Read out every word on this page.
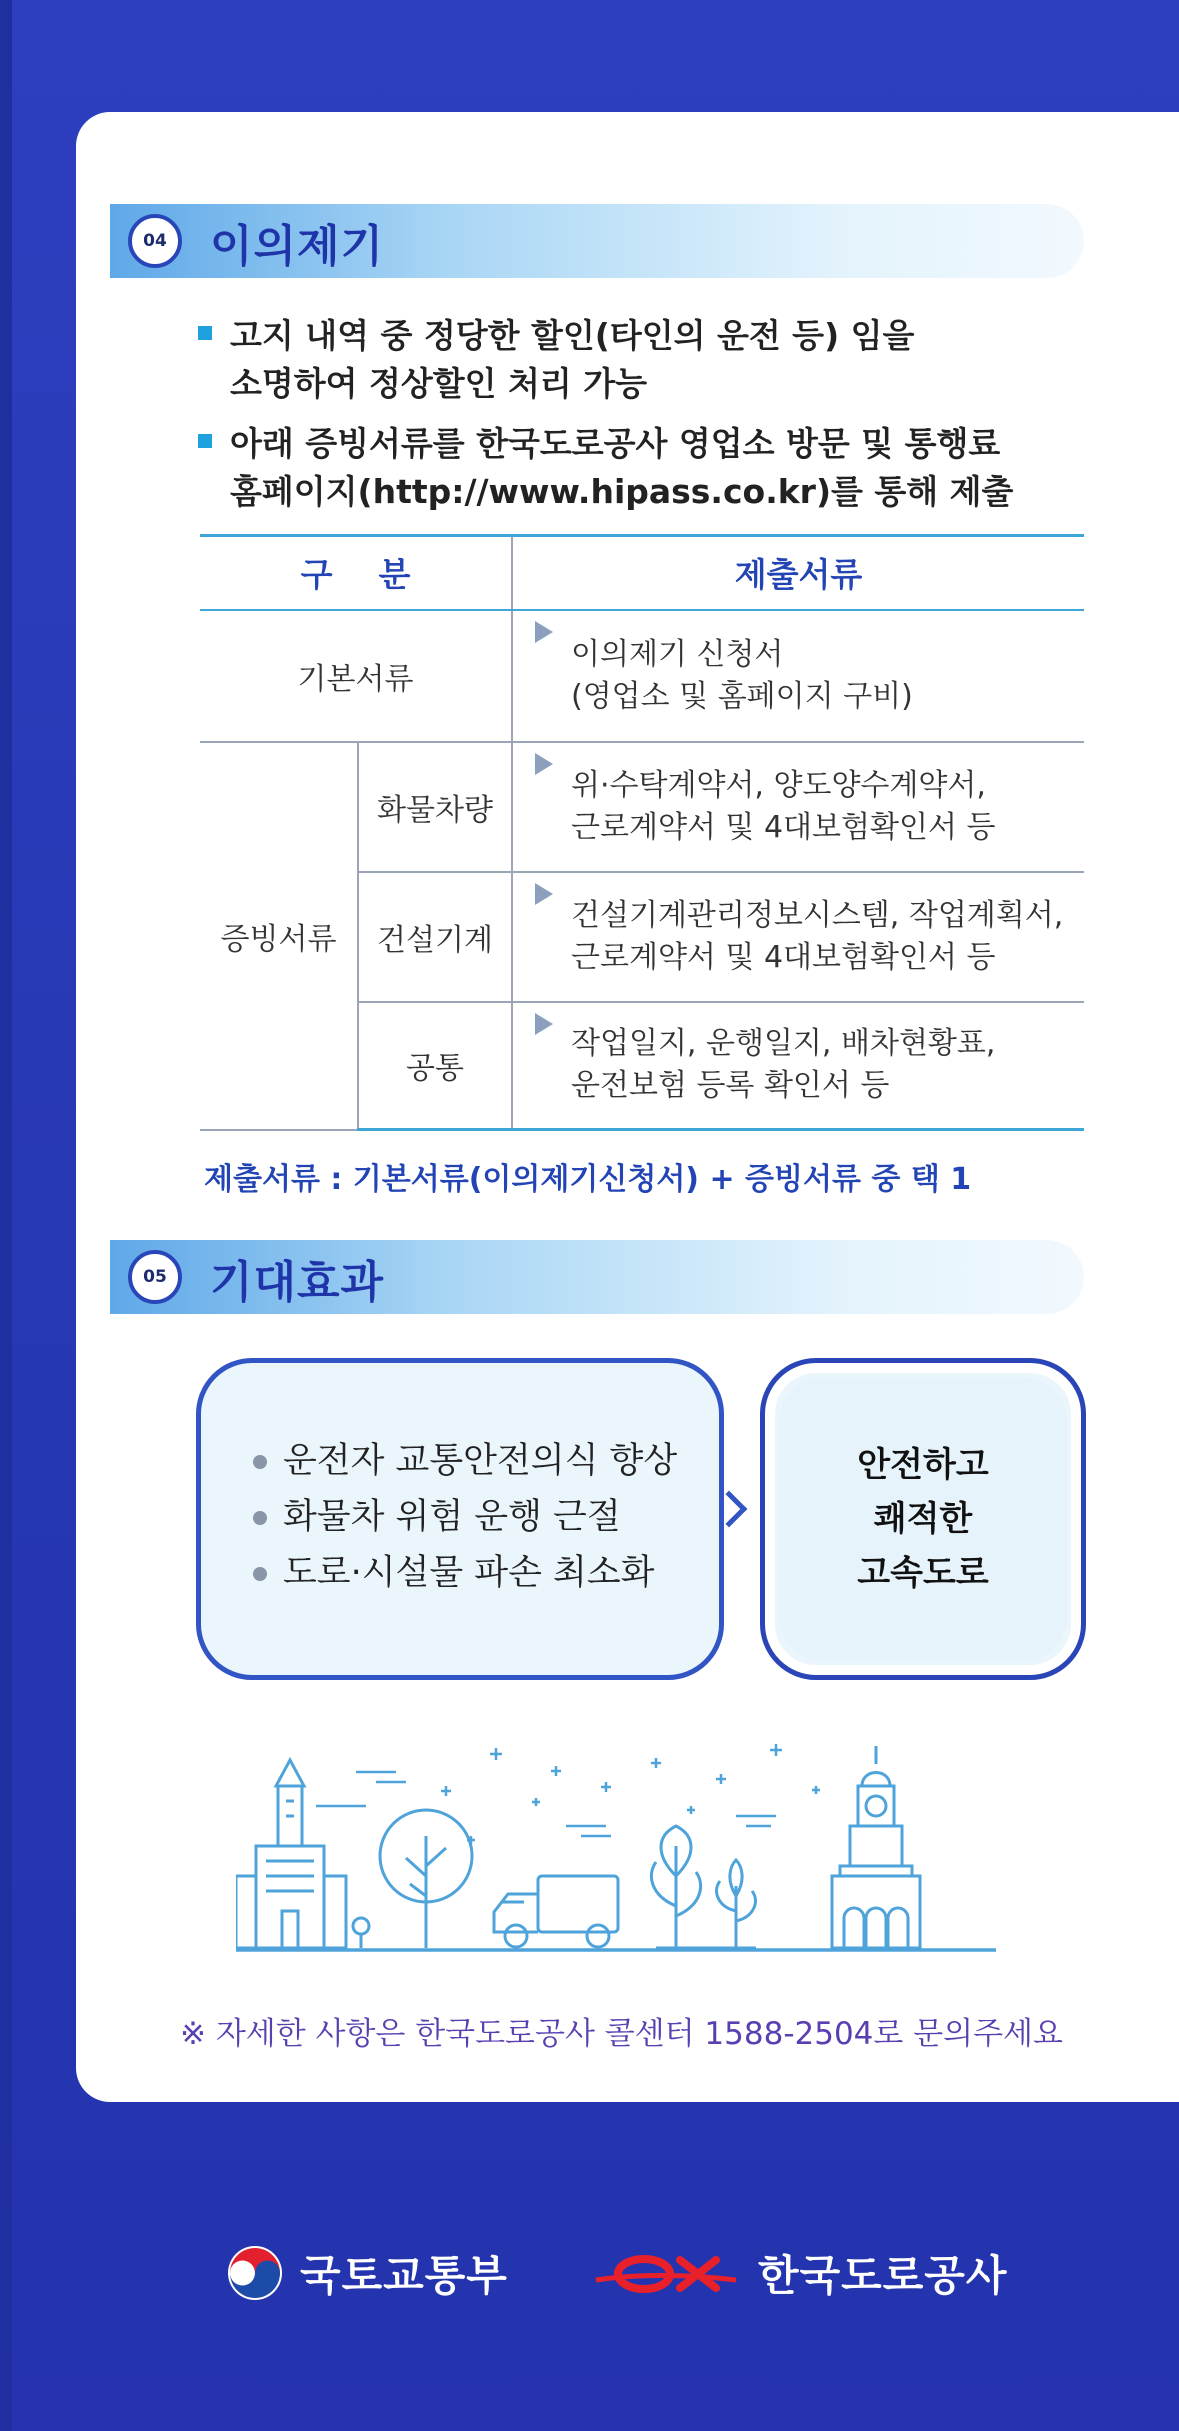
04 이의제기
고지 내역 중 정당한 할인(타인의 운전 등) 임을
소명하여 정상할인 처리 가능
아래 증빙서류를 한국도로공사 영업소 방문 및 통행료
홈페이지(http://www.hipass.co.kr)를 통해 제출
구    분		제출서류
기본서류		이의제기 신청서
(영업소 및 홈페이지 구비)

증빙서류	화물차량	위·수탁계약서, 양도양수계약서,
근로계약서 및 4대보험확인서 등

	건설기계	건설기계관리정보시스템, 작업계획서,
근로계약서 및 4대보험확인서 등

	공통	작업일지, 운행일지, 배차현황표,
운전보험 등록 확인서 등
제출서류 : 기본서류(이의제기신청서) + 증빙서류 중 택 1
05 기대효과
운전자 교통안전의식 향상
화물차 위험 운행 근절
도로·시설물 파손 최소화
안전하고
쾌적한
고속도로
※ 자세한 사항은 한국도로공사 콜센터 1588-2504로 문의주세요
국토교통부	한국도로공사
